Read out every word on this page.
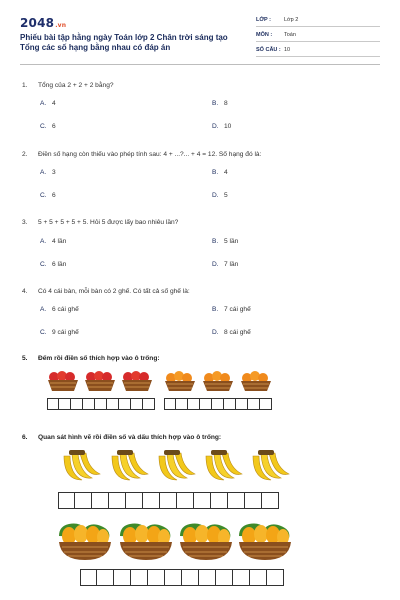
2048.vn
Phiếu bài tập hằng ngày Toán lớp 2 Chân trời sáng tạo
Tổng các số hạng bằng nhau có đáp án
LỚP : Lớp 2
MÔN : Toán
SỐ CÂU : 10
1. Tổng của 2 + 2 + 2 bằng?
A. 4	B. 8
C. 6	D. 10
2. Điền số hạng còn thiếu vào phép tính sau: 4 + ...?... + 4 = 12. Số hạng đó là:
A. 3	B. 4
C. 6	D. 5
3. 5 + 5 + 5 + 5 + 5. Hỏi 5 được lấy bao nhiêu lần?
A. 4 lần	B. 5 lần
C. 6 lần	D. 7 lần
4. Có 4 cái bàn, mỗi bàn có 2 ghế. Có tất cả số ghế là:
A. 6 cái ghế	B. 7 cái ghế
C. 9 cái ghế	D. 8 cái ghế
5. Đếm rồi điền số thích hợp vào ô trống:
6. Quan sát hình vẽ rồi điền số và dấu thích hợp vào ô trống:
